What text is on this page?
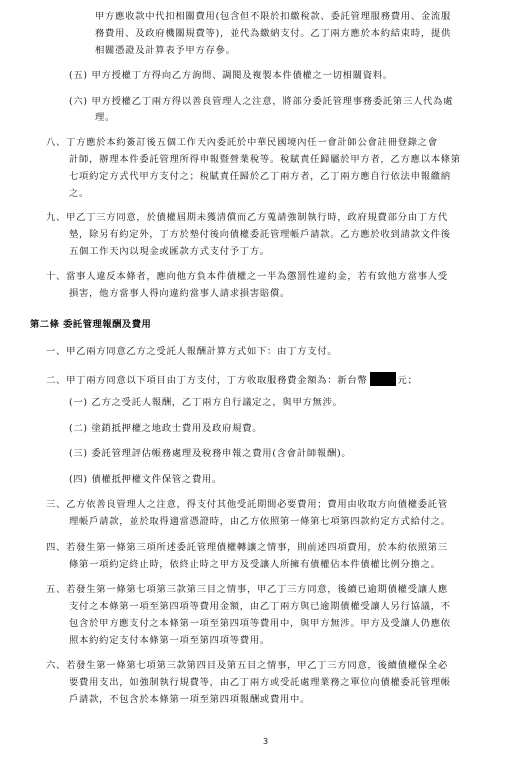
甲方應收款中代扣相關費用(包含但不限於扣繳稅款、委託管理服務費用、金流服
務費用、及政府機關規費等)，並代為繳納支付。乙丁兩方應於本約結束時，提供
相關憑證及計算表予甲方存參。
(五) 甲方授權丁方得向乙方詢問、調閱及複製本件債權之一切相關資料。
(六) 甲方授權乙丁兩方得以善良管理人之注意，將部分委託管理事務委託第三人代為處
理。
八、丁方應於本約簽訂後五個工作天內委託於中華民國境內任一會計師公會註冊登錄之會
計師，辦理本件委託管理所得申報暨營業稅等。稅賦責任歸屬於甲方者，乙方應以本條第
七項約定方式代甲方支付之；稅賦責任歸於乙丁兩方者，乙丁兩方應自行依法申報繳納
之。
九、甲乙丁三方同意，於債權屆期未獲清償而乙方蒐請強制執行時，政府規費部分由丁方代
墊，除另有約定外，丁方於墊付後向債權委託管理帳戶請款。乙方應於收到請款文件後
五個工作天內以現金或匯款方式支付予丁方。
十、當事人違反本條者，應向他方負本件債權之一半為懲罰性違約金，若有致他方當事人受
損害，他方當事人得向違約當事人請求損害賠償。
第二條 委託管理報酬及費用
一、甲乙兩方同意乙方之受託人報酬計算方式如下：由丁方支付。
二、甲丁兩方同意以下項目由丁方支付，丁方收取服務費金額為：新台幣	元；
(一) 乙方之受託人報酬，乙丁兩方自行議定之，與甲方無涉。
(二) 塗銷抵押權之地政士費用及政府規費。
(三) 委託管理評估帳務處理及稅務申報之費用(含會計師報酬)。
(四) 債權抵押權文件保管之費用。
三、乙方依善良管理人之注意，得支付其他受託期間必要費用；費用由收取方向債權委託管
理帳戶請款，並於取得適當憑證時，由乙方依照第一條第七項第四款約定方式給付之。
四、若發生第一條第三項所述委託管理債權轉讓之情事，則前述四項費用，於本約依照第三
條第一項約定終止時，依終止時之甲方及受讓人所擁有債權佔本件債權比例分擔之。
五、若發生第一條第七項第三款第三目之情事，甲乙丁三方同意，後續已逾期債權受讓人應
支付之本條第一項至第四項等費用金額，由乙丁兩方與已逾期債權受讓人另行協議，不
包含於甲方應支付之本條第一項至第四項等費用中，與甲方無涉。甲方及受讓人仍應依
照本約約定支付本條第一項至第四項等費用。
六、若發生第一條第七項第三款第四目及第五目之情事，甲乙丁三方同意，後續債權保全必
要費用支出，如強制執行規費等，由乙丁兩方或受託處理業務之單位向債權委託管理帳
戶請款，不包含於本條第一項至第四項報酬或費用中。
3
